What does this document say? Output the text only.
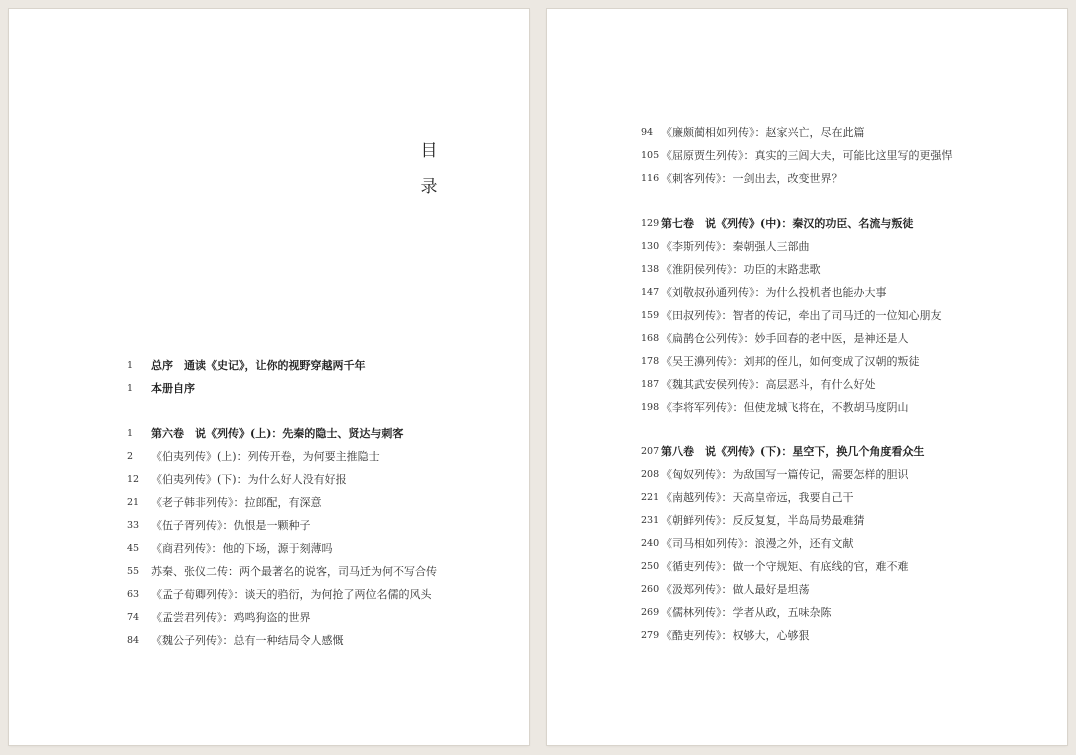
目
录
1 总序　通读《史记》，让你的视野穿越两千年
1 本册自序
1 第六卷　说《列传》(上)：先秦的隐士、贤达与刺客
2 《伯夷列传》(上)：列传开卷，为何要主推隐士
12 《伯夷列传》(下)：为什么好人没有好报
21 《老子韩非列传》：拉郎配，有深意
33 《伍子胥列传》：仇恨是一颗种子
45 《商君列传》：他的下场，源于刻薄吗
55 苏秦、张仪二传：两个最著名的说客，司马迁为何不写合传
63 《孟子荀卿列传》：谈天的驺衍，为何抢了两位名儒的风头
74 《孟尝君列传》：鸡鸣狗盗的世界
84 《魏公子列传》：总有一种结局令人感慨
94 《廉颇蔺相如列传》：赵家兴亡，尽在此篇
105 《屈原贾生列传》：真实的三闾大夫，可能比这里写的更强悍
116 《刺客列传》：一剑出去，改变世界？
129 第七卷　说《列传》(中)：秦汉的功臣、名流与叛徒
130 《李斯列传》：秦朝强人三部曲
138 《淮阴侯列传》：功臣的末路悲歌
147 《刘敬叔孙通列传》：为什么投机者也能办大事
159 《田叔列传》：智者的传记，牵出了司马迁的一位知心朋友
168 《扁鹊仓公列传》：妙手回春的老中医，是神还是人
178 《吴王濞列传》：刘邦的侄儿，如何变成了汉朝的叛徒
187 《魏其武安侯列传》：高层恶斗，有什么好处
198 《李将军列传》：但使龙城飞将在，不教胡马度阴山
207 第八卷　说《列传》(下)：星空下，换几个角度看众生
208 《匈奴列传》：为敌国写一篇传记，需要怎样的胆识
221 《南越列传》：天高皇帝远，我要自己干
231 《朝鲜列传》：反反复复，半岛局势最难猜
240 《司马相如列传》：浪漫之外，还有文献
250 《循吏列传》：做一个守规矩、有底线的官，难不难
260 《汲郑列传》：做人最好是坦荡
269 《儒林列传》：学者从政，五味杂陈
279 《酷吏列传》：权够大，心够狠
